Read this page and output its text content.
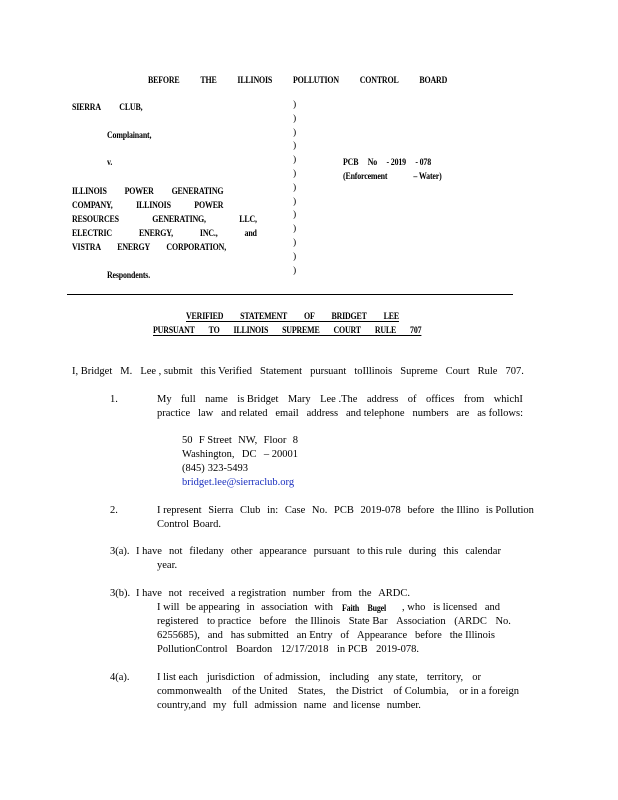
BEFORE THE ILLINOIS POLLUTION CONTROL BOARD
SIERRA CLUB,
Complainant,
v.
ILLINOIS POWER GENERATING
COMPANY,	ILLINOIS	POWER
RESOURCES	GENERATING,	LLC,
ELECTRIC	ENERGY,	INC.,	and
VISTRA ENERGY CORPORATION,
Respondents.
)
)
)
)
)
)
)
)
)
)
)
)
)
PCB No - 2019 - 078
(Enforcement	– Water)
VERIFIED STATEMENT OF BRIDGET LEE
PURSUANT TO ILLINOIS SUPREME COURT RULE 707
I, Bridget M. Lee , submit this Verified Statement pursuant toIllinois Supreme Court Rule 707.
1.	My full name is Bridget Mary Lee .The address of offices from whichI
practice law and related email address and telephone numbers are as follows:
50 F Street NW, Floor 8
Washington, DC – 20001
(845) 323-5493
bridget.lee@sierraclub.org
2.	I represent Sierra Club in: Case No. PCB 2019-078 before the Illino is Pollution
Control Board.
3(a). I have not filedany other appearance pursuant to this rule during this calendar
year.
3(b). I have not received a registration number from the ARDC.
I will be appearing in association with Faith Bugel , who is licensed and
registered to practice before the Illinois State Bar Association (ARDC No.
6255685), and has submitted an Entry of Appearance before the Illinois
PollutionControl Boardon 12/17/2018 in PCB 2019-078.
4(a).	I list each jurisdiction of admission, including any state, territory, or
commonwealth of the United States, the District of Columbia, or in a foreign
country,and my full admission name and license number.
